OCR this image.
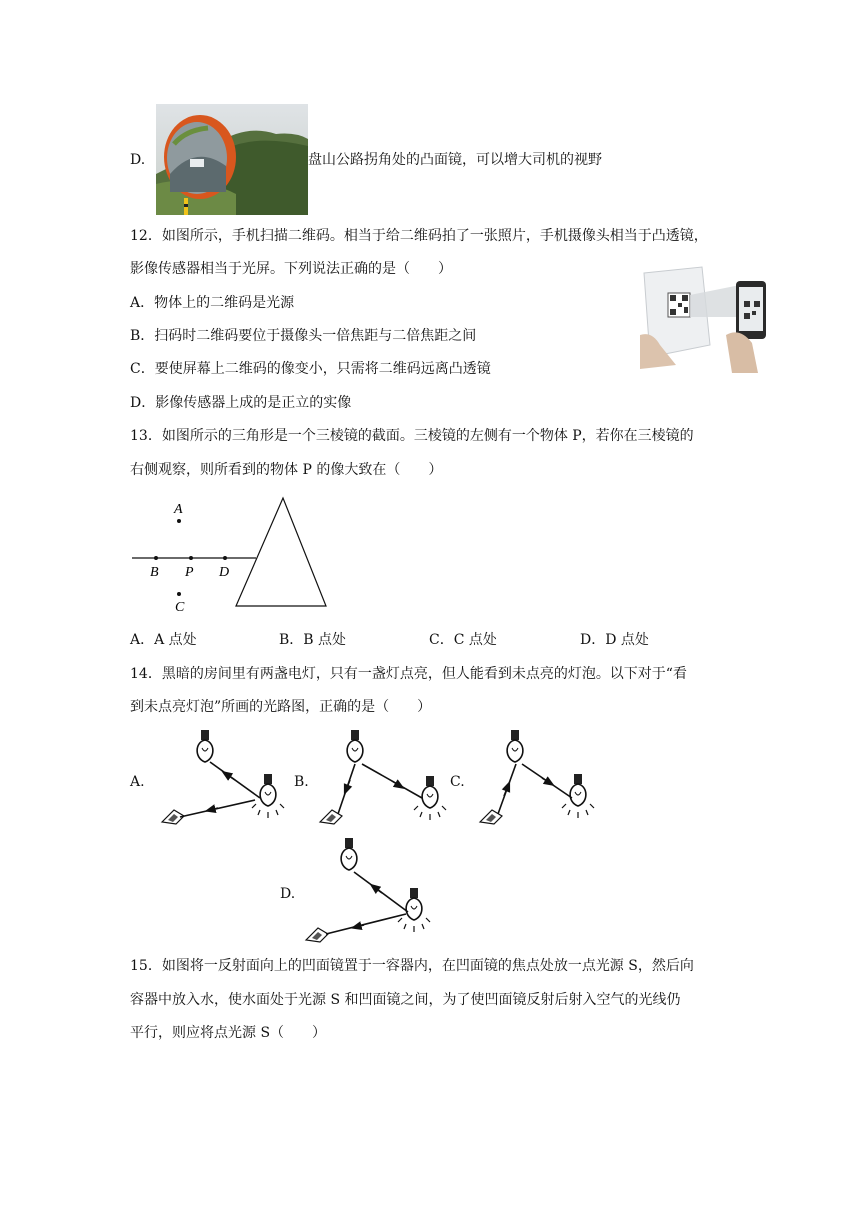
D.	盘山公路拐角处的凸面镜，可以增大司机的视野
12．如图所示，手机扫描二维码。相当于给二维码拍了一张照片，手机摄像头相当于凸透镜，
影像传感器相当于光屏。下列说法正确的是（　　）
A．物体上的二维码是光源
B．扫码时二维码要位于摄像头一倍焦距与二倍焦距之间
C．要使屏幕上二维码的像变小，只需将二维码远离凸透镜
D．影像传感器上成的是正立的实像
13．如图所示的三角形是一个三棱镜的截面。三棱镜的左侧有一个物体 P，若你在三棱镜的
右侧观察，则所看到的物体 P 的像大致在（　　）
A
B P D
C
A．A 点处	B．B 点处	C．C 点处	D．D 点处
14．黑暗的房间里有两盏电灯，只有一盏灯点亮，但人能看到未点亮的灯泡。以下对于“看
到未点亮灯泡”所画的光路图，正确的是（　　）
A.	B.	C.
D.
15．如图将一反射面向上的凹面镜置于一容器内，在凹面镜的焦点处放一点光源 S，然后向
容器中放入水，使水面处于光源 S 和凹面镜之间，为了使凹面镜反射后射入空气的光线仍
平行，则应将点光源 S（　　）
